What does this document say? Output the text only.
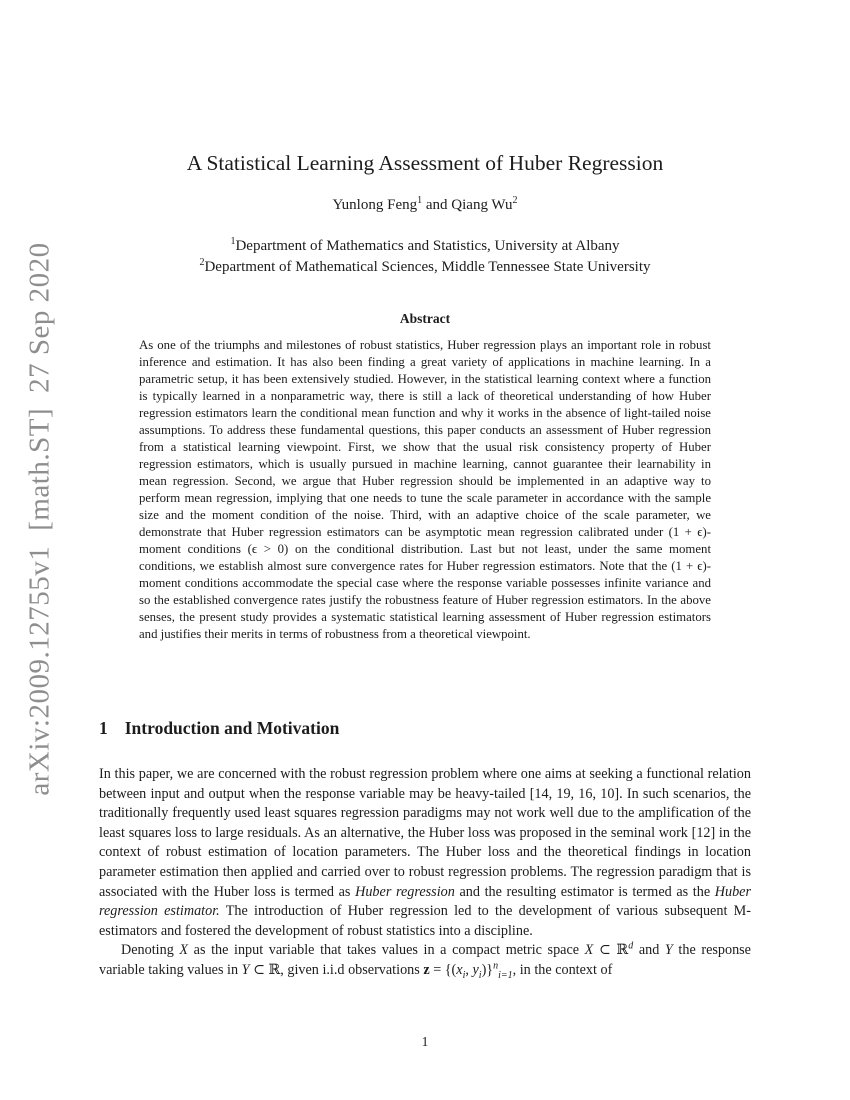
arXiv:2009.12755v1 [math.ST] 27 Sep 2020
A Statistical Learning Assessment of Huber Regression
Yunlong Feng$^1$ and Qiang Wu$^2$
$^1$Department of Mathematics and Statistics, University at Albany
$^2$Department of Mathematical Sciences, Middle Tennessee State University
Abstract
As one of the triumphs and milestones of robust statistics, Huber regression plays an important role in robust inference and estimation. It has also been finding a great variety of applications in machine learning. In a parametric setup, it has been extensively studied. However, in the statistical learning context where a function is typically learned in a nonparametric way, there is still a lack of theoretical understanding of how Huber regression estimators learn the conditional mean function and why it works in the absence of light-tailed noise assumptions. To address these fundamental questions, this paper conducts an assessment of Huber regression from a statistical learning viewpoint. First, we show that the usual risk consistency property of Huber regression estimators, which is usually pursued in machine learning, cannot guarantee their learnability in mean regression. Second, we argue that Huber regression should be implemented in an adaptive way to perform mean regression, implying that one needs to tune the scale parameter in accordance with the sample size and the moment condition of the noise. Third, with an adaptive choice of the scale parameter, we demonstrate that Huber regression estimators can be asymptotic mean regression calibrated under (1 + ϵ)-moment conditions (ϵ > 0) on the conditional distribution. Last but not least, under the same moment conditions, we establish almost sure convergence rates for Huber regression estimators. Note that the (1 + ϵ)-moment conditions accommodate the special case where the response variable possesses infinite variance and so the established convergence rates justify the robustness feature of Huber regression estimators. In the above senses, the present study provides a systematic statistical learning assessment of Huber regression estimators and justifies their merits in terms of robustness from a theoretical viewpoint.
1 Introduction and Motivation

In this paper, we are concerned with the robust regression problem where one aims at seeking a functional relation between input and output when the response variable may be heavy-tailed [14, 19, 16, 10]. In such scenarios, the traditionally frequently used least squares regression paradigms may not work well due to the amplification of the least squares loss to large residuals. As an alternative, the Huber loss was proposed in the seminal work [12] in the context of robust estimation of location parameters. The Huber loss and the theoretical findings in location parameter estimation then applied and carried over to robust regression problems. The regression paradigm that is associated with the Huber loss is termed as Huber regression and the resulting estimator is termed as the Huber regression estimator. The introduction of Huber regression led to the development of various subsequent M-estimators and fostered the development of robust statistics into a discipline.

Denoting X as the input variable that takes values in a compact metric space X ⊂ ℝ$^d$ and Y the response variable taking values in Y ⊂ ℝ, given i.i.d observations $z = \{(x_i$, $y_i)\}^n_{i=1}$, in the context of

1
